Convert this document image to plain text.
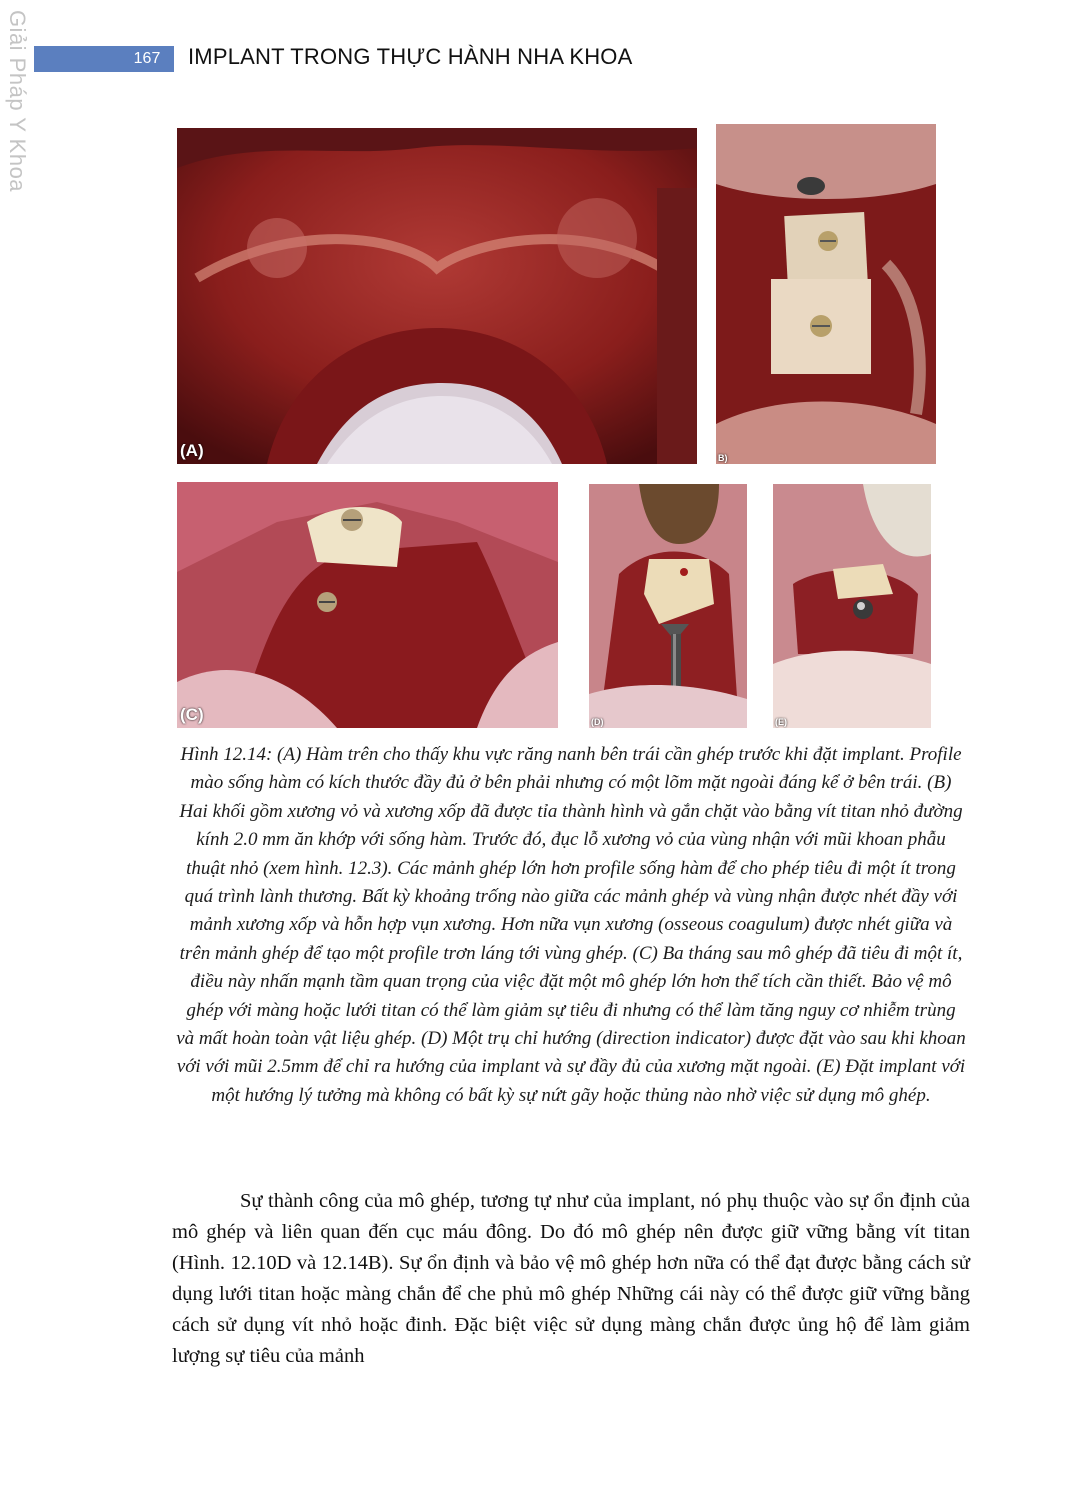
Giải Pháp Y Khoa	167	IMPLANT TRONG THỰC HÀNH NHA KHOA
(A)	B)
(C)	(D)	(E)
Hình 12.14: (A) Hàm trên cho thấy khu vực răng nanh bên trái cần ghép trước khi đặt implant. Profile mào sống hàm có kích thước đầy đủ ở bên phải nhưng có một lõm mặt ngoài đáng kể ở bên trái. (B) Hai khối gồm xương vỏ và xương xốp đã được tỉa thành hình và gắn chặt vào bằng vít titan nhỏ đường kính 2.0 mm ăn khớp với sống hàm. Trước đó, đục lỗ xương vỏ của vùng nhận với mũi khoan phẫu thuật nhỏ (xem hình. 12.3). Các mảnh ghép lớn hơn profile sống hàm để cho phép tiêu đi một ít trong quá trình lành thương. Bất kỳ khoảng trống nào giữa các mảnh ghép và vùng nhận được nhét đầy với mảnh xương xốp và hỗn hợp vụn xương. Hơn nữa vụn xương (osseous coagulum) được nhét giữa và trên mảnh ghép để tạo một profile trơn láng tới vùng ghép. (C) Ba tháng sau mô ghép đã tiêu đi một ít, điều này nhấn mạnh tầm quan trọng của việc đặt một mô ghép lớn hơn thể tích cần thiết. Bảo vệ mô ghép với màng hoặc lưới titan có thể làm giảm sự tiêu đi nhưng có thể làm tăng nguy cơ nhiễm trùng và mất hoàn toàn vật liệu ghép. (D) Một trụ chỉ hướng (direction indicator) được đặt vào sau khi khoan với với mũi 2.5mm để chỉ ra hướng của implant và sự đầy đủ của xương mặt ngoài. (E) Đặt implant với một hướng lý tưởng mà không có bất kỳ sự nứt gãy hoặc thủng nào nhờ việc sử dụng mô ghép.
Sự thành công của mô ghép, tương tự như của implant, nó phụ thuộc vào sự ổn định của mô ghép và liên quan đến cục máu đông. Do đó mô ghép nên được giữ vững bằng vít titan (Hình. 12.10D và 12.14B). Sự ổn định và bảo vệ mô ghép hơn nữa có thể đạt được bằng cách sử dụng lưới titan hoặc màng chắn để che phủ mô ghép Những cái này có thể được giữ vững bằng cách sử dụng vít nhỏ hoặc đinh. Đặc biệt việc sử dụng màng chắn được ủng hộ để làm giảm lượng sự tiêu của mảnh
